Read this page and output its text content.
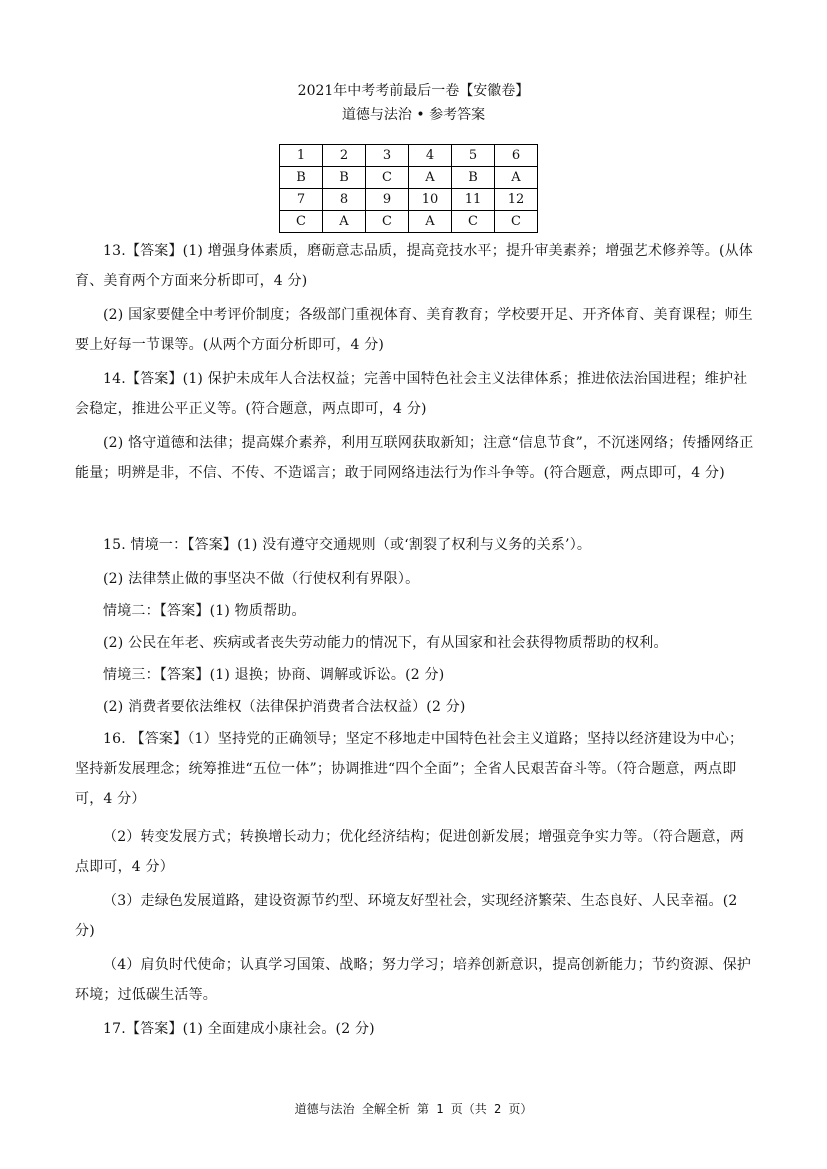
2021年中考考前最后一卷【安徽卷】
道德与法治 • 参考答案
1	2	3	4	5	6
B	B	C	A	B	A
7	8	9	10	11	12
C	A	C	A	C	C
13.【答案】(1) 增强身体素质，磨砺意志品质，提高竞技水平；提升审美素养；增强艺术修养等。(从体育、美育两个方面来分析即可，4 分)
(2) 国家要健全中考评价制度；各级部门重视体育、美育教育；学校要开足、开齐体育、美育课程；师生要上好每一节课等。(从两个方面分析即可，4 分)
14.【答案】(1) 保护未成年人合法权益；完善中国特色社会主义法律体系；推进依法治国进程；维护社会稳定，推进公平正义等。(符合题意，两点即可，4 分)
(2) 恪守道德和法律；提高媒介素养，利用互联网获取新知；注意“信息节食”，不沉迷网络；传播网络正能量；明辨是非，不信、不传、不造谣言；敢于同网络违法行为作斗争等。(符合题意，两点即可，4 分)
15. 情境一：【答案】(1) 没有遵守交通规则（或‘割裂了权利与义务的关系’）。
(2) 法律禁止做的事坚决不做（行使权利有界限）。
情境二：【答案】(1) 物质帮助。
(2) 公民在年老、疾病或者丧失劳动能力的情况下，有从国家和社会获得物质帮助的权利。
情境三：【答案】(1) 退换；协商、调解或诉讼。(2 分)
(2) 消费者要依法维权（法律保护消费者合法权益）(2 分)
16. 【答案】（1）坚持党的正确领导；坚定不移地走中国特色社会主义道路；坚持以经济建设为中心；坚持新发展理念；统筹推进“五位一体”；协调推进“四个全面”；全省人民艰苦奋斗等。（符合题意，两点即可，4 分）
（2）转变发展方式；转换增长动力；优化经济结构；促进创新发展；增强竞争实力等。（符合题意，两点即可，4 分）
（3）走绿色发展道路，建设资源节约型、环境友好型社会，实现经济繁荣、生态良好、人民幸福。(2分)
（4）肩负时代使命；认真学习国策、战略；努力学习；培养创新意识，提高创新能力；节约资源、保护环境；过低碳生活等。
17.【答案】(1) 全面建成小康社会。(2 分)
道德与法治 全解全析 第 1 页（共 2 页）
